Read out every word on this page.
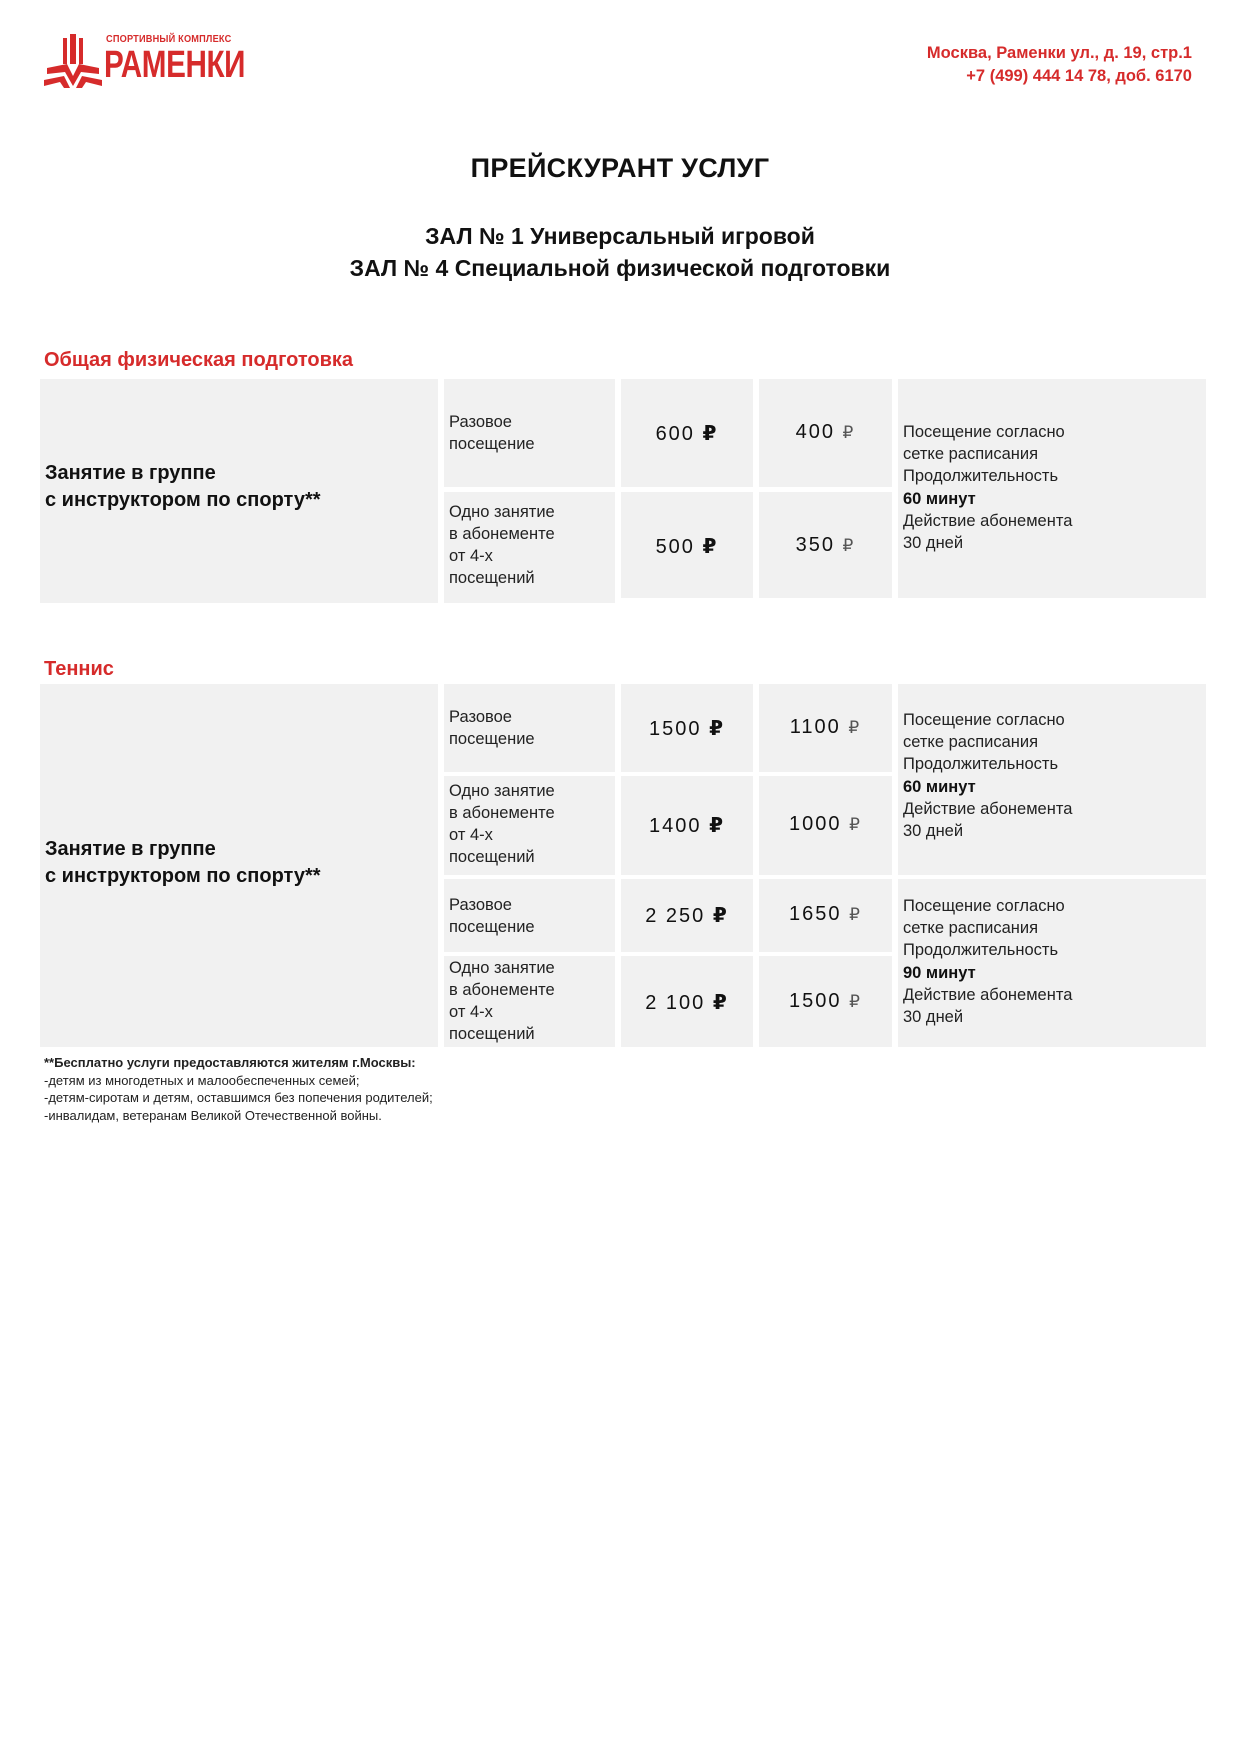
СПОРТИВНЫЙ КОМПЛЕКС
РАМЕНКИ	Москва, Раменки ул., д. 19, стр.1
+7 (499) 444 14 78, доб. 6170
ПРЕЙСКУРАНТ УСЛУГ
ЗАЛ № 1 Универсальный игровой
ЗАЛ № 4 Специальной физической подготовки
Общая физическая подготовка
Занятие в группе
с инструктором по спорту**
Разовое
посещение
Одно занятие
в абонементе
от 4-х
посещений
600 ₽
500 ₽
400 ₽
350 ₽
Посещение согласно
сетке расписания
Продолжительность
60 минут
Действие абонемента
30 дней
Теннис
Занятие в группе
с инструктором по спорту**
Разовое
посещение
Одно занятие
в абонементе
от 4-х
посещений
Разовое
посещение
Одно занятие
в абонементе
от 4-х
посещений
1500 ₽
1400 ₽
2 250 ₽
2 100 ₽
1100 ₽
1000 ₽
1650 ₽
1500 ₽
Посещение согласно
сетке расписания
Продолжительность
60 минут
Действие абонемента
30 дней
Посещение согласно
сетке расписания
Продолжительность
90 минут
Действие абонемента
30 дней
**Бесплатно услуги предоставляются жителям г.Москвы:
-детям из многодетных и малообеспеченных семей;
-детям-сиротам и детям, оставшимся без попечения родителей;
-инвалидам, ветеранам Великой Отечественной войны.
